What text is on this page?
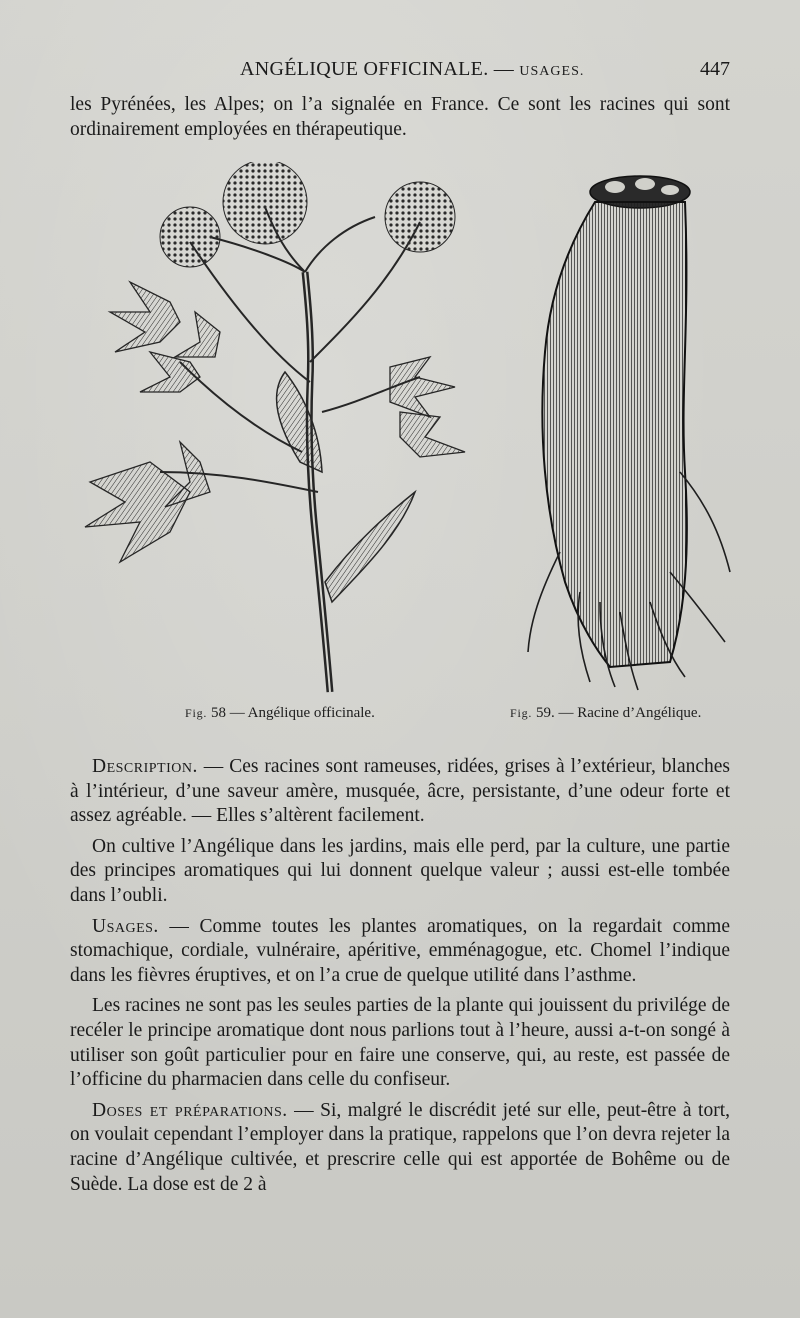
ANGÉLIQUE OFFICINALE. — USAGES.	447

les Pyrénées, les Alpes; on l’a signalée en France. Ce sont les racines qui sont ordinairement employées en thérapeutique.

Fig. 58 — Angélique officinale.	Fig. 59. — Racine d’Angélique.

Description. — Ces racines sont rameuses, ridées, grises à l’extérieur, blanches à l’intérieur, d’une saveur amère, musquée, âcre, persistante, d’une odeur forte et assez agréable. — Elles s’altèrent facilement.

On cultive l’Angélique dans les jardins, mais elle perd, par la culture, une partie des principes aromatiques qui lui donnent quelque valeur ; aussi est-elle tombée dans l’oubli.

Usages. — Comme toutes les plantes aromatiques, on la regardait comme stomachique, cordiale, vulnéraire, apéritive, emménagogue, etc. Chomel l’indique dans les fièvres éruptives, et on l’a crue de quelque utilité dans l’asthme.

Les racines ne sont pas les seules parties de la plante qui jouissent du privilége de recéler le principe aromatique dont nous parlions tout à l’heure, aussi a-t-on songé à utiliser son goût particulier pour en faire une conserve, qui, au reste, est passée de l’officine du pharmacien dans celle du confiseur.

Doses et préparations. — Si, malgré le discrédit jeté sur elle, peut-être à tort, on voulait cependant l’employer dans la pratique, rappelons que l’on devra rejeter la racine d’Angélique cultivée, et prescrire celle qui est apportée de Bohême ou de Suède. La dose est de 2 à
